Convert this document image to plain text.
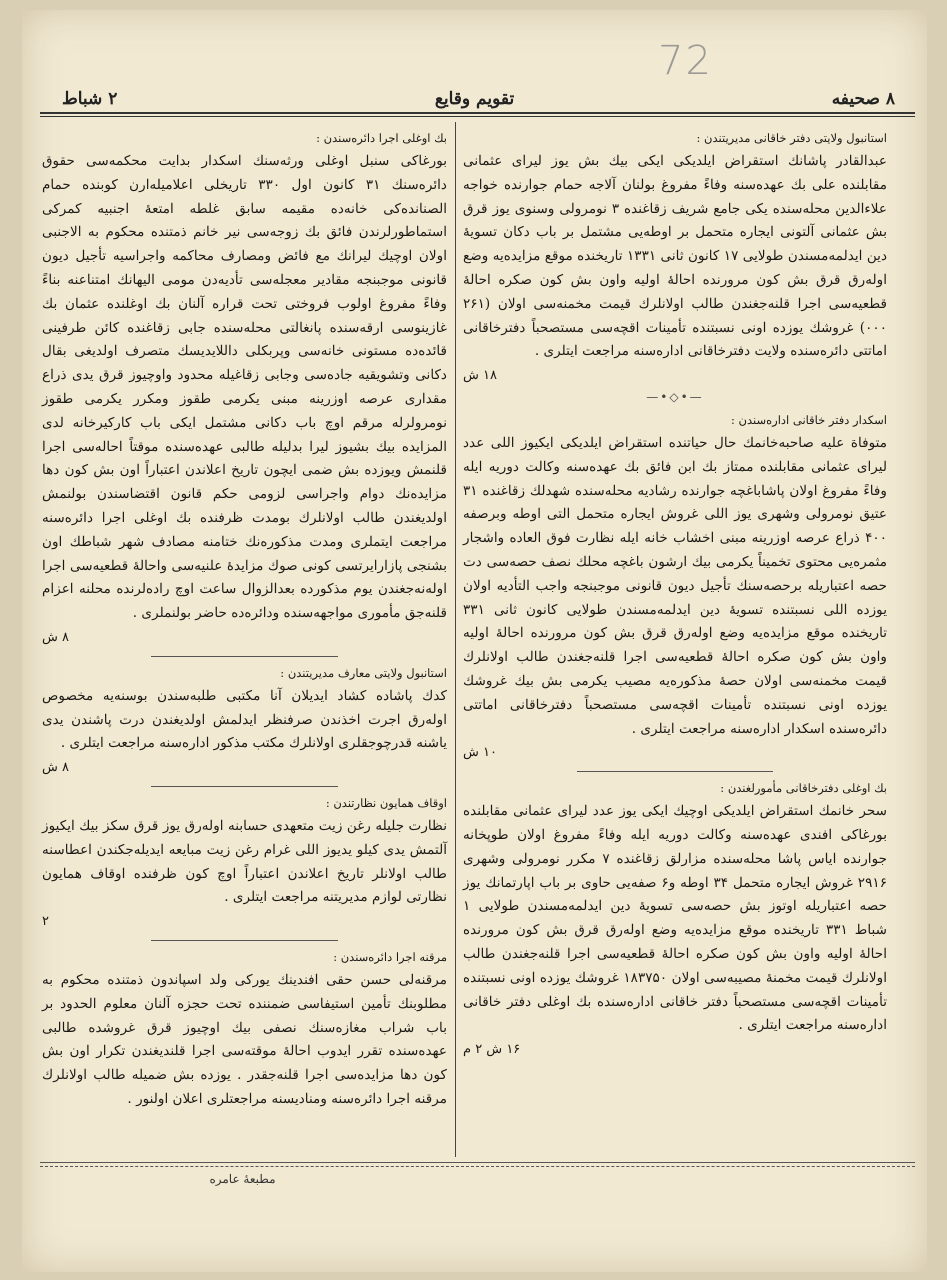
72
۸ صحیفه
تقویم وقایع
۲ شباط
استانبول ولایتی دفتر خاقانی مدیریتندن :
عبدالقادر پاشانك استقراض ایلدیكی ایكی بیك بش یوز لیرای عثمانی مقابلنده علی بك عهده‌سنه وفاءً مفروغ بولنان آلاجه حمام جوارنده خواجه علاءالدین محله‌سنده یكی جامع شریف زقاغنده ۳ نومرولی وسنوی یوز قرق بش عثمانی آلتونی ایجاره متحمل بر اوطه‌یی مشتمل بر باب دكان تسویه‌ٔ دین ایدلمه‌مسندن طولایی ۱۷ كانون ثانی ۱۳۳۱ تاریخنده موقع مزایده‌یه وضع اوله‌رق قرق بش كون مرورنده احاله‌ٔ اولیه واون بش كون صكره احاله‌ٔ قطعیه‌سی اجرا قلنه‌جغندن طالب اولانلرك قیمت مخمنه‌سی اولان (۲۶۱ ۰۰۰) غروشك یوزده اونی نسبتنده تأمینات اقچه‌سی مستصحباً دفترخاقانی اماتتی دائره‌سنده ولایت دفترخاقانی اداره‌سنه مراجعت ایتلری .
۱۸ ش
—•◇•—
اسكدار دفتر خاقانی اداره‌سندن :
متوفاة علیه صاحبه‌خانمك حال حیاتنده استقراض ایلدیكی ایكیوز اللی عدد لیرای عثمانی مقابلنده ممتاز بك ابن فائق بك عهده‌سنه وكالت دوریه ایله وفاءً مفروغ اولان پاشاباغچه جوارنده رشادیه محله‌سنده شهدلك زقاغنده ۳۱ عتیق نومرولی وشهری یوز اللی غروش ایجاره متحمل التی اوطه وبرصفه ۴۰۰ ذراع عرصه اوزرینه مبنی اخشاب خانه ایله نظارت فوق العاده واشجار مثمره‌یی محتوی تخمیناً یكرمی بیك ارشون باغچه محلك نصف حصه‌سی دت حصه اعتباریله برحصه‌سنك تأجیل دیون قانونی موجبنجه واجب التأدیه اولان یوزده اللی نسبتنده تسویه‌ٔ دین ایدلمه‌مسندن طولایی كانون ثانی ۳۳۱ تاریخنده موقع مزایده‌یه وضع اوله‌رق قرق بش كون مرورنده احاله‌ٔ اولیه واون بش كون صكره احاله‌ٔ قطعیه‌سی اجرا قلنه‌جغندن طالب اولانلرك قیمت مخمنه‌سی اولان حصه‌ٔ مذكوره‌یه مصیب یكرمی بش بیك غروشك یوزده اونی نسبتنده تأمینات اقچه‌سی مستصحباً دفترخاقانی اماتتی دائره‌سنده اسكدار اداره‌سنه مراجعت ایتلری .
۱۰ ش
بك اوغلی دفترخاقانی مأمورلغندن :
سحر خانمك استقراض ایلدیكی اوچیك ایكی یوز عدد لیرای عثمانی مقابلنده بورغاكی افندی عهده‌سنه وكالت دوریه ایله وفاءً مفروغ اولان طوپخانه جوارنده ایاس پاشا محله‌سنده مزارلق زقاغنده ۷ مكرر نومرولی وشهری ۲۹۱۶ غروش ایجاره متحمل ۳۴ اوطه و۶ صفه‌یی حاوی بر باب اپارتمانك یوز حصه اعتباریله اوتوز بش حصه‌سی تسویه‌ٔ دین ایدلمه‌مسندن طولایی ۱ شباط ۳۳۱ تاریخنده موقع مزایده‌یه وضع اوله‌رق قرق بش كون مرورنده احاله‌ٔ اولیه واون بش كون صكره احاله‌ٔ قطعیه‌سی اجرا قلنه‌جغندن طالب اولانلرك قیمت مخمنه‌ٔ مصیبه‌سی اولان ۱۸۳۷۵۰ غروشك یوزده اونی نسبتنده تأمینات اقچه‌سی مستصحباً دفتر خاقانی اداره‌سنده بك اوغلی دفتر خاقانی اداره‌سنه مراجعت ایتلری .
۱۶ ش ۲ م
بك اوغلی اجرا دائره‌سندن :
بورغاكی سنبل اوغلی ورثه‌سنك اسكدار بدایت محكمه‌سی حقوق دائره‌سنك ۳۱ كانون اول ۳۳۰ تاریخلی اعلامیله‌ارن كوبنده حمام الصنانده‌كی خانه‌ده مقیمه سابق غلطه امتعه‌ٔ اجنبیه كمركی استماطورلرندن فائق بك زوجه‌سی نیر خانم ذمتنده محكوم به الاجنبی اولان اوچیك لیرانك مع فائض ومصارف محاكمه واجراسیه تأجیل دیون قانونی موجبنجه مقادیر معجله‌سی تأدیه‌دن مومی الیهانك امتناعنه بناءً وفاءً مفروغ اولوب فروختی تحت قراره آلنان بك اوغلنده عثمان بك غازینوسی ارقه‌سنده پانغالتی محله‌سنده جابی زقاغنده كائن طرفینی قائده‌ده مستونی خانه‌سی وپربكلی داللایدیسك متصرف اولدیغی بقال دكانی وتشویقیه جاده‌سی وجابی زقاغیله محدود واوچیوز قرق یدی ذراع مقداری عرصه اوزرینه مبنی یكرمی طقوز ومكرر یكرمی طقوز نومرولرله مرقم اوچ باب دكانی مشتمل ایكی باب كاركیرخانه لدی المزایده بیك بشیوز لیرا بدلیله طالبی عهده‌سنده موقتاً احاله‌سی اجرا قلنمش ویوزده بش ضمی ایچون تاریخ اعلاندن اعتباراً اون بش كون دها مزایده‌نك دوام واجراسی لزومی حكم قانون اقتضاسندن بولنمش اولدیغندن طالب اولانلرك بومدت ظرفنده بك اوغلی اجرا دائره‌سنه مراجعت ایتملری ومدت مذكوره‌نك ختامنه مصادف شهر شباطك اون بشنجی پازارایرتسی كونی صوك مزایده‌ٔ علنیه‌سی واحاله‌ٔ قطعیه‌سی اجرا اوله‌نه‌جغندن یوم مذكورده بعدالزوال ساعت اوچ راده‌لرنده محلنه اعزام قلنه‌جق مأموری مواجهه‌سنده ودائره‌ده حاضر بولنملری .
۸ ش
استانبول ولایتی معارف مدیریتندن :
كدك پاشاده كشاد ایدیلان آنا مكتبی طلبه‌سندن بوسنه‌یه مخصوص اوله‌رق اجرت اخذندن صرفنظر ایدلمش اولدیغندن درت پاشندن یدی یاشنه قدرچوجقلری اولانلرك مكتب مذكور اداره‌سنه مراجعت ایتلری .
۸ ش
اوقاف همایون نظارتندن :
نظارت جلیله رغن زیت متعهدی حسابنه اوله‌رق یوز قرق سكز بیك ایكیوز آلتمش یدی كیلو یدیوز اللی غرام رغن زیت مبایعه ایدیله‌جكندن اعطاسنه طالب اولانلر تاریخ اعلاندن اعتباراً اوچ كون ظرفنده اوقاف همایون نظارتی لوازم مدیریتنه مراجعت ایتلری .
۲
مرقنه اجرا دائره‌سندن :
مرقنه‌لی حسن حقی افندینك یوركی ولد اسپاندون ذمتنده محكوم به مطلوبنك تأمین استیفاسی ضمننده تحت حجزه آلنان معلوم الحدود بر باب شراب مغازه‌سنك نصفی بیك اوچیوز قرق غروشده طالبی عهده‌سنده تقرر ایدوب احاله‌ٔ موقته‌سی اجرا قلندیغندن تكرار اون بش كون دها مزایده‌سی اجرا قلنه‌جقدر . یوزده بش ضمیله طالب اولانلرك مرقنه اجرا دائره‌سنه ومنادیسنه مراجعتلری اعلان اولنور .
مطبعهٔ عامره
